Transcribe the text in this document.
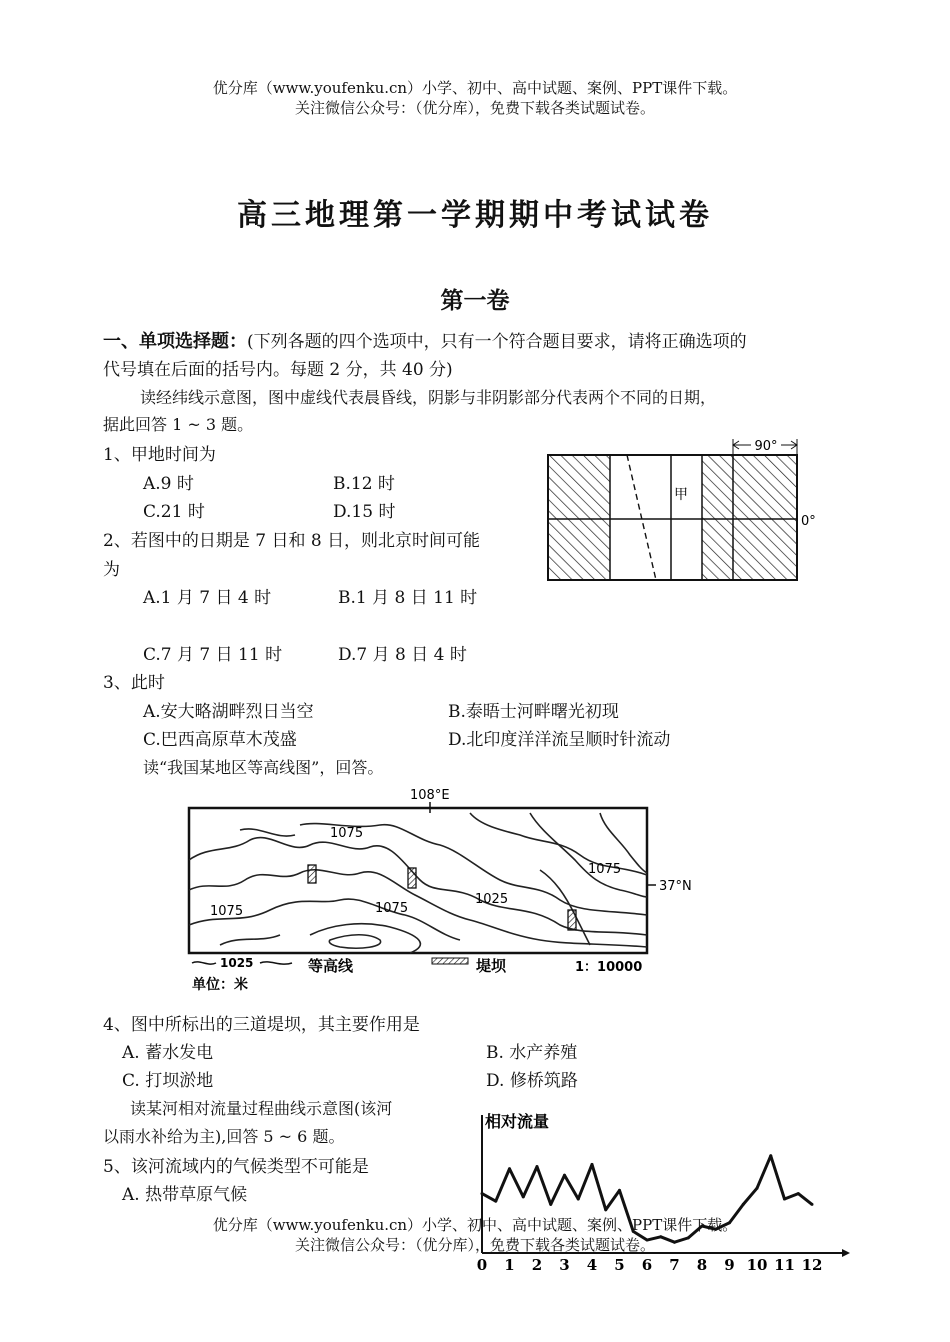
优分库（www.youfenku.cn）小学、初中、高中试题、案例、PPT课件下载。
关注微信公众号：（优分库），免费下载各类试题试卷。
高三地理第一学期期中考试试卷
第一卷
一、单项选择题：(下列各题的四个选项中，只有一个符合题目要求，请将正确选项的
代号填在后面的括号内。每题 2 分，共 40 分)
读经纬线示意图，图中虚线代表晨昏线，阴影与非阴影部分代表两个不同的日期，
据此回答 1 ~ 3 题。
1、甲地时间为
A.9 时	B.12 时
C.21 时	D.15 时
2、若图中的日期是 7 日和 8 日，则北京时间可能
为
A.1 月 7 日 4 时	B.1 月 8 日 11 时
C.7 月 7 日 11 时	D.7 月 8 日 4 时
3、此时
A.安大略湖畔烈日当空	B.泰晤士河畔曙光初现
C.巴西高原草木茂盛	D.北印度洋洋流呈顺时针流动
读“我国某地区等高线图”，回答。
90°
0°
甲
108°E
1075
1075	1075
1025
1075
37°N
1025	等高线	堤坝	1：10000
单位：米
4、图中所标出的三道堤坝，其主要作用是
A. 蓄水发电	B. 水产养殖
C. 打坝淤地	D. 修桥筑路
读某河相对流量过程曲线示意图(该河
以雨水补给为主),回答 5 ~ 6 题。
5、该河流域内的气候类型不可能是
A. 热带草原气候
相对流量
0 1 2 3 4 5 6 7 8 9 10 11 12
优分库（www.youfenku.cn）小学、初中、高中试题、案例、PPT课件下载。
关注微信公众号：（优分库），免费下载各类试题试卷。
